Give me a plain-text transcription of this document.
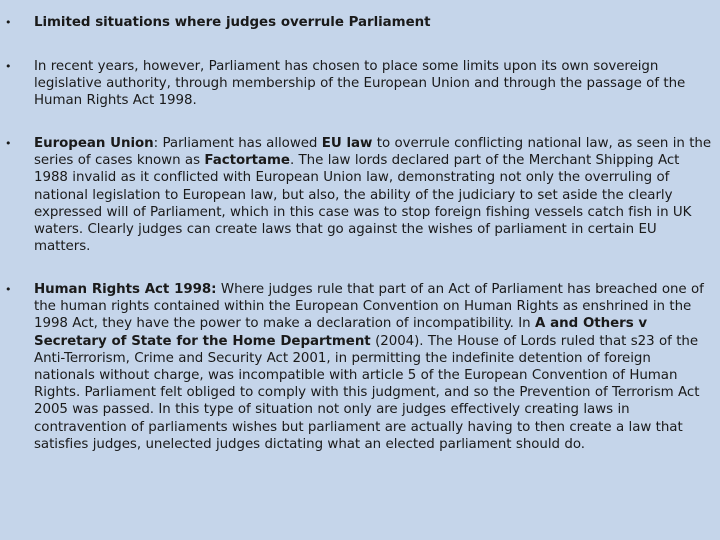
• Limited situations where judges overrule Parliament
• In recent years, however, Parliament has chosen to place some limits upon its own sovereign legislative authority, through membership of the European Union and through the passage of the Human Rights Act 1998.
• European Union: Parliament has allowed EU law to overrule conflicting national law, as seen in the series of cases known as Factortame. The law lords declared part of the Merchant Shipping Act 1988 invalid as it conflicted with European Union law, demonstrating not only the overruling of national legislation to European law, but also, the ability of the judiciary to set aside the clearly expressed will of Parliament, which in this case was to stop foreign fishing vessels catch fish in UK waters. Clearly judges can create laws that go against the wishes of parliament in certain EU matters.
• Human Rights Act 1998: Where judges rule that part of an Act of Parliament has breached one of the human rights contained within the European Convention on Human Rights as enshrined in the 1998 Act, they have the power to make a declaration of incompatibility. In A and Others v Secretary of State for the Home Department (2004). The House of Lords ruled that s23 of the Anti-Terrorism, Crime and Security Act 2001, in permitting the indefinite detention of foreign nationals without charge, was incompatible with article 5 of the European Convention of Human Rights. Parliament felt obliged to comply with this judgment, and so the Prevention of Terrorism Act 2005 was passed. In this type of situation not only are judges effectively creating laws in contravention of parliaments wishes but parliament are actually having to then create a law that satisfies judges, unelected judges dictating what an elected parliament should do.
